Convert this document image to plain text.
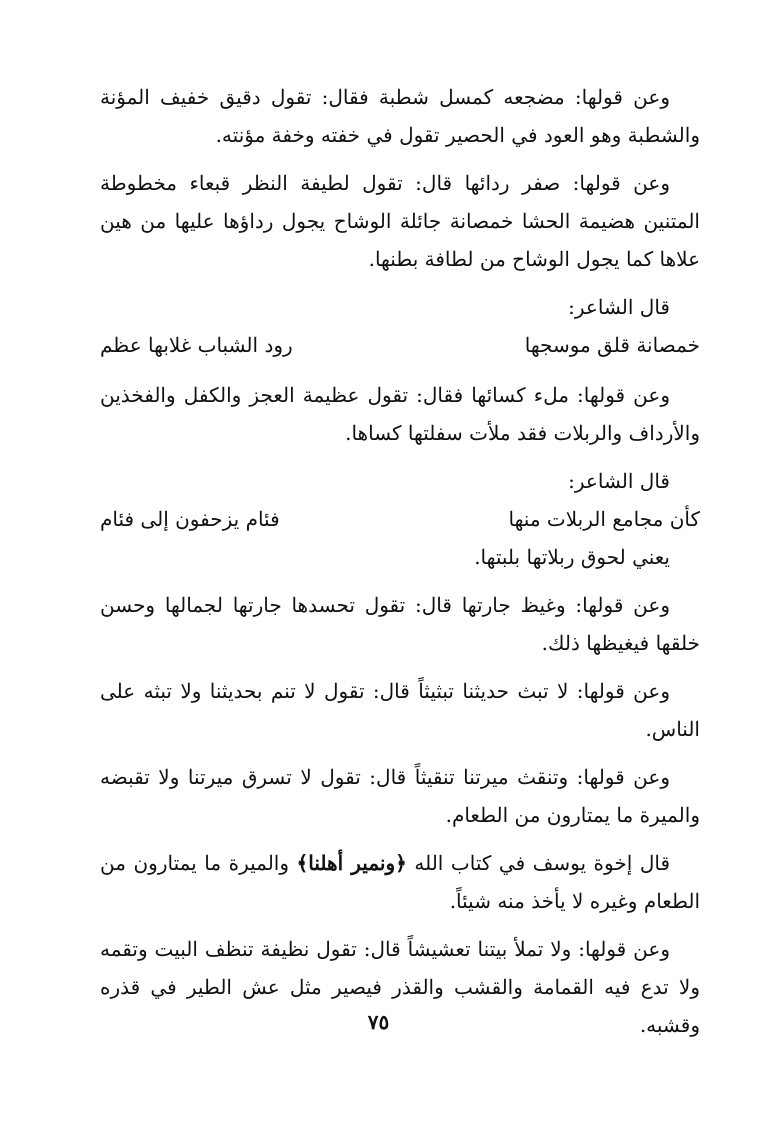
وعن قولها: مضجعه كمسل شطبة فقال: تقول دقيق خفيف المؤنة والشطبة وهو العود في الحصير تقول في خفته وخفة مؤنته.

وعن قولها: صفر ردائها قال: تقول لطيفة النظر قبعاء مخطوطة المتنين هضيمة الحشا خمصانة جائلة الوشاح يجول رداؤها عليها من هين علاها كما يجول الوشاح من لطافة بطنها.

قال الشاعر:

خمصانة قلق موسجها
رود الشباب غلابها عظم

وعن قولها: ملء كسائها فقال: تقول عظيمة العجز والكفل والفخذين والأرداف والربلات فقد ملأت سفلتها كساها.

قال الشاعر:

كأن مجامع الربلات منها
فئام يزحفون إلى فئام

يعني لحوق ربلاتها بلبتها.

وعن قولها: وغيظ جارتها قال: تقول تحسدها جارتها لجمالها وحسن خلقها فيغيظها ذلك.

وعن قولها: لا تبث حديثنا تبثيثاً قال: تقول لا تنم بحديثنا ولا تبثه على الناس.

وعن قولها: وتنقث ميرتنا تنقيثاً قال: تقول لا تسرق ميرتنا ولا تقبضه والميرة ما يمتارون من الطعام.

قال إخوة يوسف في كتاب الله ﴿ونمير أهلنا﴾ والميرة ما يمتارون من الطعام وغيره لا يأخذ منه شيئاً.

وعن قولها: ولا تملأ بيتنا تعشيشاً قال: تقول نظيفة تنظف البيت وتقمه ولا تدع فيه القمامة والقشب والقذر فيصير مثل عش الطير في قذره وقشبه.

٧٥
